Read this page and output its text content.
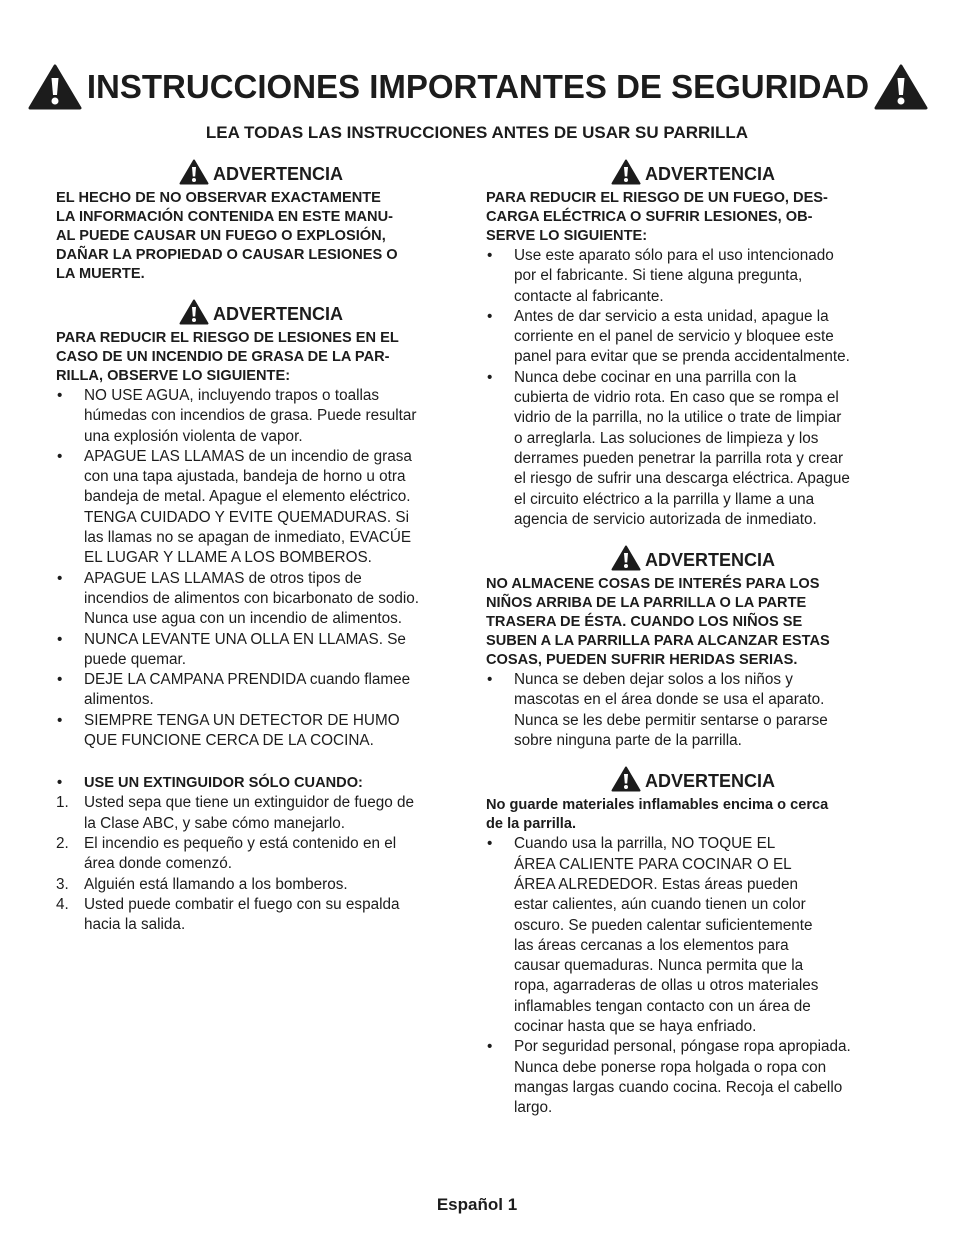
INSTRUCCIONES IMPORTANTES DE SEGURIDAD
LEA TODAS LAS INSTRUCCIONES ANTES DE USAR SU PARRILLA
ADVERTENCIA

EL HECHO DE NO OBSERVAR EXACTAMENTE
LA INFORMACIÓN CONTENIDA EN ESTE MANU-
AL PUEDE CAUSAR UN FUEGO O EXPLOSIÓN,
DAÑAR LA PROPIEDAD O CAUSAR LESIONES O
LA MUERTE.

ADVERTENCIA

PARA REDUCIR EL RIESGO DE LESIONES EN EL
CASO DE UN INCENDIO DE GRASA DE LA PAR-
RILLA, OBSERVE LO SIGUIENTE:

• NO USE AGUA, incluyendo trapos o toallas
húmedas con incendios de grasa. Puede resultar
una explosión violenta de vapor.
• APAGUE LAS LLAMAS de un incendio de grasa
con una tapa ajustada, bandeja de horno u otra
bandeja de metal. Apague el elemento eléctrico.
TENGA CUIDADO Y EVITE QUEMADURAS. Si
las llamas no se apagan de inmediato, EVACÚE
EL LUGAR Y LLAME A LOS BOMBEROS.
• APAGUE LAS LLAMAS de otros tipos de
incendios de alimentos con bicarbonato de sodio.
Nunca use agua con un incendio de alimentos.
• NUNCA LEVANTE UNA OLLA EN LLAMAS. Se
puede quemar.
• DEJE LA CAMPANA PRENDIDA cuando flamee
alimentos.
• SIEMPRE TENGA UN DETECTOR DE HUMO
QUE FUNCIONE CERCA DE LA COCINA.
• USE UN EXTINGUIDOR SÓLO CUANDO:
1. Usted sepa que tiene un extinguidor de fuego de
la Clase ABC, y sabe cómo manejarlo.
2. El incendio es pequeño y está contenido en el
área donde comenzó.
3. Alguién está llamando a los bomberos.
4. Usted puede combatir el fuego con su espalda
hacia la salida.
ADVERTENCIA

PARA REDUCIR EL RIESGO DE UN FUEGO, DES-
CARGA ELÉCTRICA O SUFRIR LESIONES, OB-
SERVE LO SIGUIENTE:

• Use este aparato sólo para el uso intencionado
por el fabricante. Si tiene alguna pregunta,
contacte al fabricante.
• Antes de dar servicio a esta unidad, apague la
corriente en el panel de servicio y bloquee este
panel para evitar que se prenda accidentalmente.
• Nunca debe cocinar en una parrilla con la
cubierta de vidrio rota. En caso que se rompa el
vidrio de la parrilla, no la utilice o trate de limpiar
o arreglarla. Las soluciones de limpieza y los
derrames pueden penetrar la parrilla rota y crear
el riesgo de sufrir una descarga eléctrica. Apague
el circuito eléctrico a la parrilla y llame a una
agencia de servicio autorizada de inmediato.
ADVERTENCIA

NO ALMACENE COSAS DE INTERÉS PARA LOS
NIÑOS ARRIBA DE LA PARRILLA O LA PARTE
TRASERA DE ÉSTA. CUANDO LOS NIÑOS SE
SUBEN A LA PARRILLA PARA ALCANZAR ESTAS
COSAS, PUEDEN SUFRIR HERIDAS SERIAS.

• Nunca se deben dejar solos a los niños y
mascotas en el área donde se usa el aparato.
Nunca se les debe permitir sentarse o pararse
sobre ninguna parte de la parrilla.
ADVERTENCIA

No guarde materiales inflamables encima o cerca
de la parrilla.

• Cuando usa la parrilla, NO TOQUE EL
ÁREA CALIENTE PARA COCINAR O EL
ÁREA ALREDEDOR. Estas áreas pueden
estar calientes, aún cuando tienen un color
oscuro. Se pueden calentar suficientemente
las áreas cercanas a los elementos para
causar quemaduras. Nunca permita que la
ropa, agarraderas de ollas u otros materiales
inflamables tengan contacto con un área de
cocinar hasta que se haya enfriado.
• Por seguridad personal, póngase ropa apropiada.
Nunca debe ponerse ropa holgada o ropa con
mangas largas cuando cocina. Recoja el cabello
largo.
Español 1
